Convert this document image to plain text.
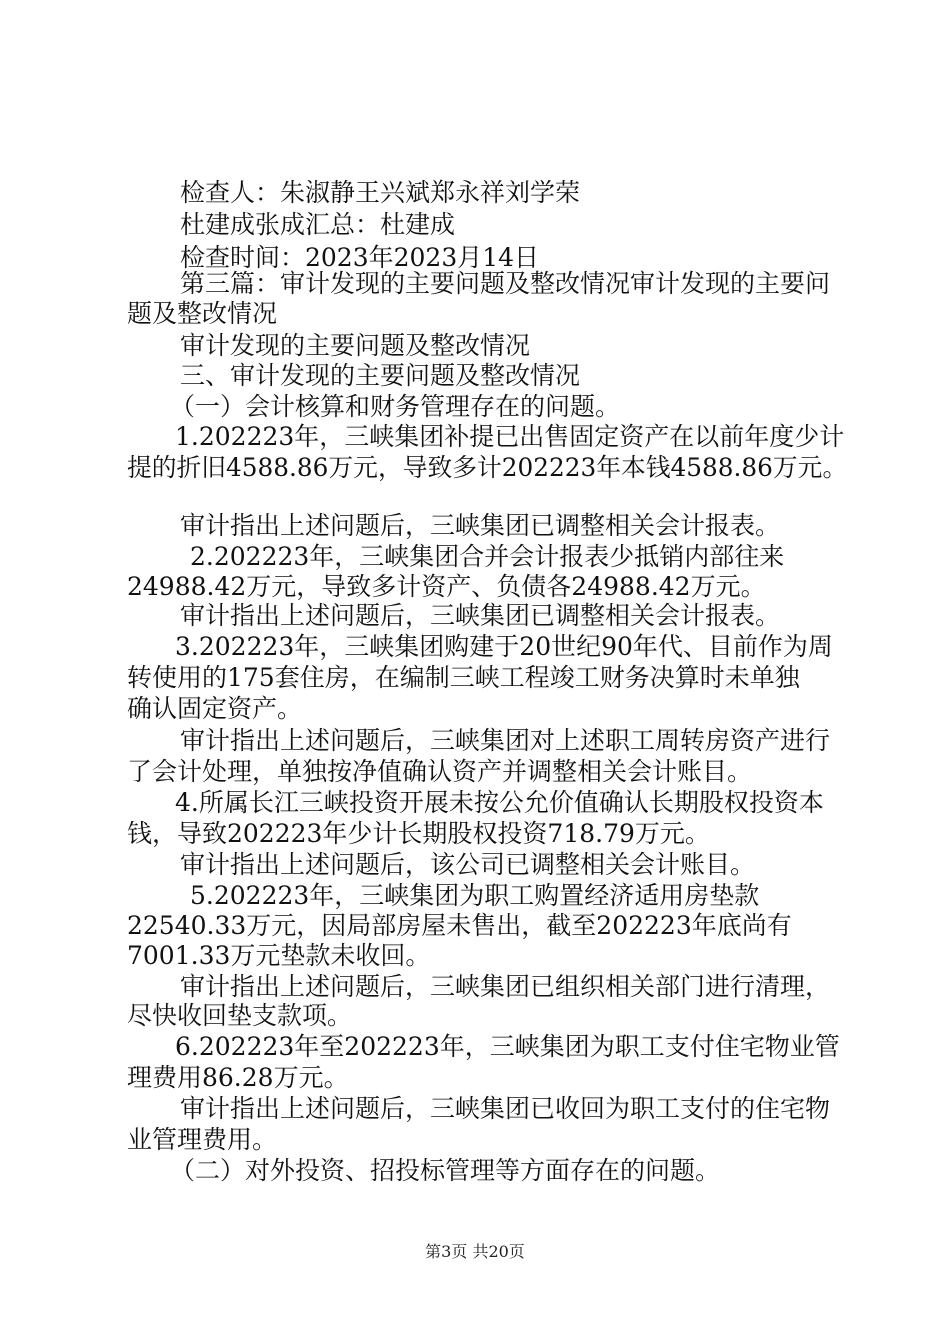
检查人：朱淑静王兴斌郑永祥刘学荣
杜建成张成汇总：杜建成
检查时间：2023年2023月14日
第三篇：审计发现的主要问题及整改情况审计发现的主要问
题及整改情况
审计发现的主要问题及整改情况
三、审计发现的主要问题及整改情况
（一）会计核算和财务管理存在的问题。
1.202223年，三峡集团补提已出售固定资产在以前年度少计
提的折旧4588.86万元，导致多计202223年本钱4588.86万元。
审计指出上述问题后，三峡集团已调整相关会计报表。
2.202223年，三峡集团合并会计报表少抵销内部往来
24988.42万元，导致多计资产、负债各24988.42万元。
审计指出上述问题后，三峡集团已调整相关会计报表。
3.202223年，三峡集团购建于20世纪90年代、目前作为周
转使用的175套住房，在编制三峡工程竣工财务决算时未单独
确认固定资产。
审计指出上述问题后，三峡集团对上述职工周转房资产进行
了会计处理，单独按净值确认资产并调整相关会计账目。
4.所属长江三峡投资开展未按公允价值确认长期股权投资本
钱，导致202223年少计长期股权投资718.79万元。
审计指出上述问题后，该公司已调整相关会计账目。
5.202223年，三峡集团为职工购置经济适用房垫款
22540.33万元，因局部房屋未售出，截至202223年底尚有
7001.33万元垫款未收回。
审计指出上述问题后，三峡集团已组织相关部门进行清理，
尽快收回垫支款项。
6.202223年至202223年，三峡集团为职工支付住宅物业管
理费用86.28万元。
审计指出上述问题后，三峡集团已收回为职工支付的住宅物
业管理费用。
（二）对外投资、招投标管理等方面存在的问题。
第3页 共20页
